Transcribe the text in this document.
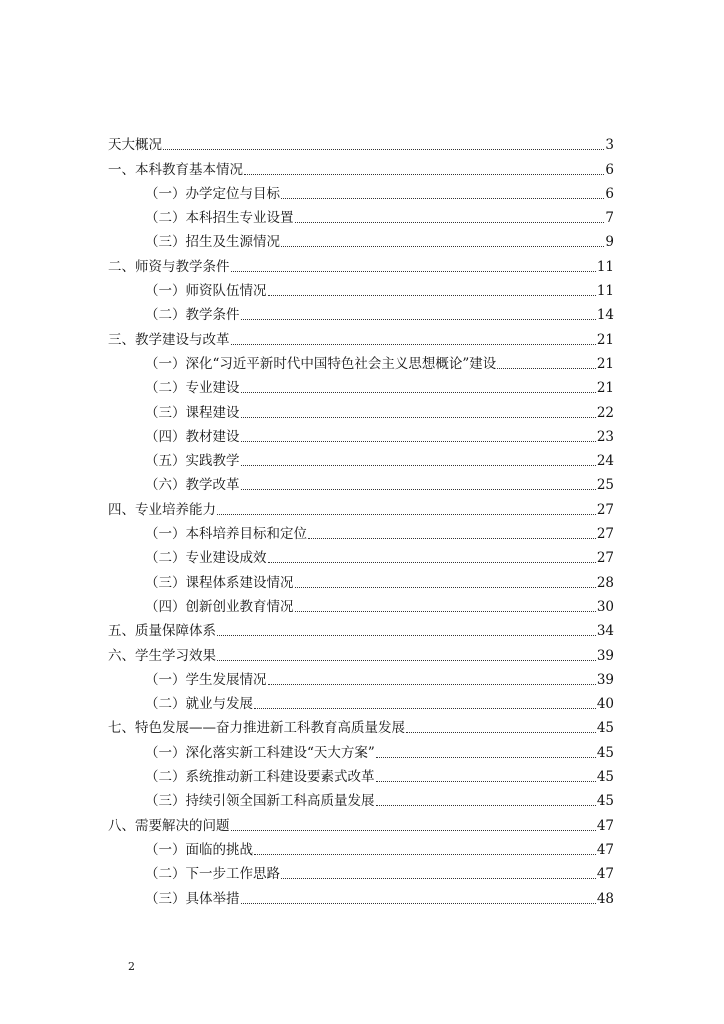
天大概况	3
一、本科教育基本情况	6
（一）办学定位与目标	6
（二）本科招生专业设置	7
（三）招生及生源情况	9
二、师资与教学条件	11
（一）师资队伍情况	11
（二）教学条件	14
三、教学建设与改革	21
（一）深化“习近平新时代中国特色社会主义思想概论”建设	21
（二）专业建设	21
（三）课程建设	22
（四）教材建设	23
（五）实践教学	24
（六）教学改革	25
四、专业培养能力	27
（一）本科培养目标和定位	27
（二）专业建设成效	27
（三）课程体系建设情况	28
（四）创新创业教育情况	30
五、质量保障体系	34
六、学生学习效果	39
（一）学生发展情况	39
（二）就业与发展	40
七、特色发展——奋力推进新工科教育高质量发展	45
（一）深化落实新工科建设“天大方案”	45
（二）系统推动新工科建设要素式改革	45
（三）持续引领全国新工科高质量发展	45
八、需要解决的问题	47
（一）面临的挑战	47
（二）下一步工作思路	47
（三）具体举措	48
2
